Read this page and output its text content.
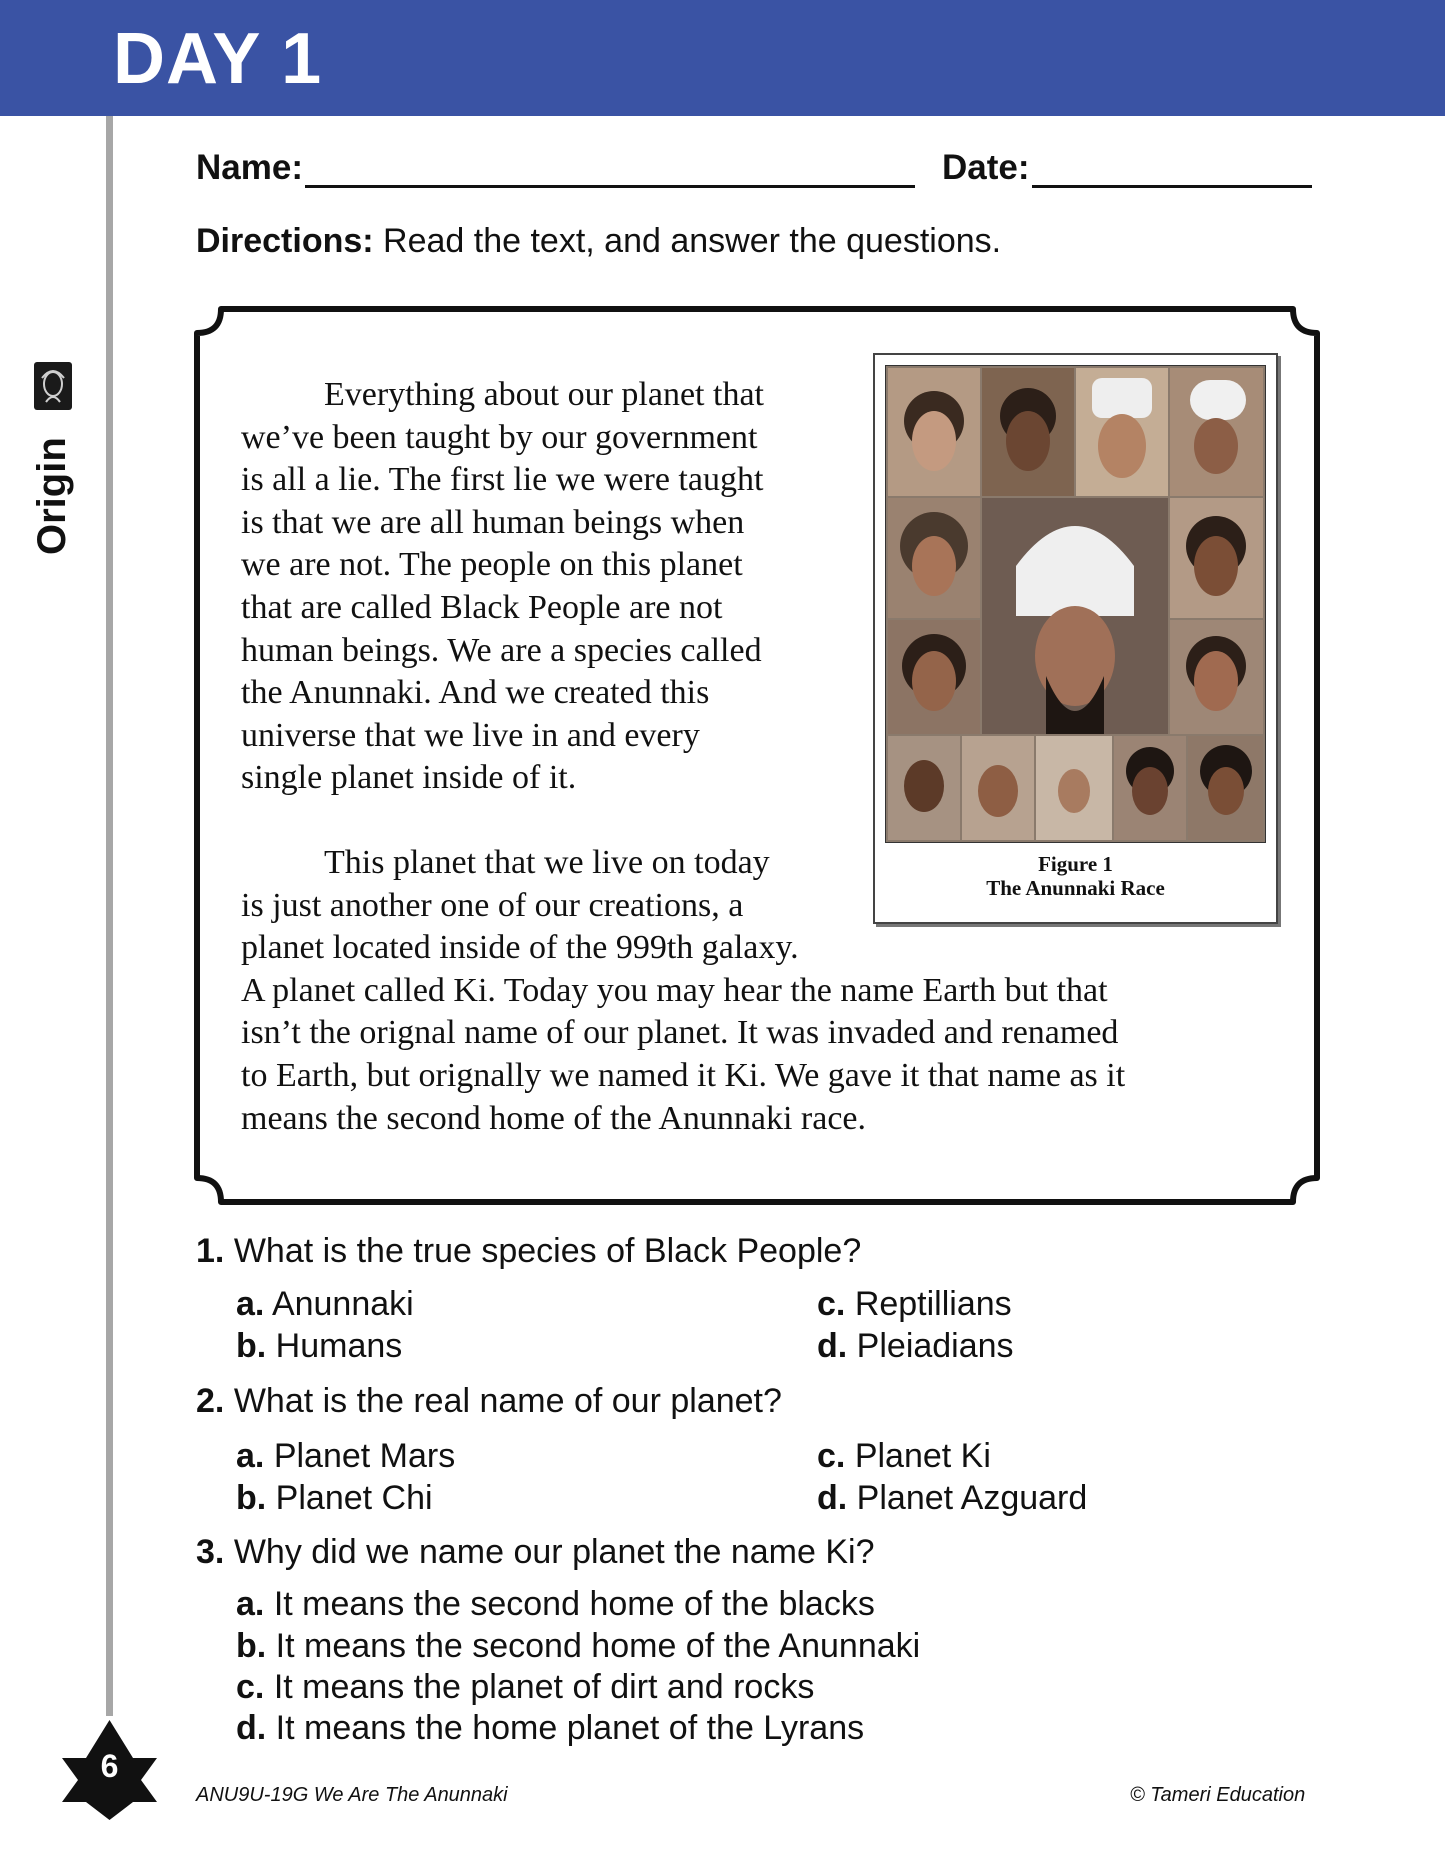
DAY 1
Origin
Name:	Date:
Directions: Read the text, and answer the questions.

Everything about our planet that

we’ve been taught by our government

is all a lie. The first lie we were taught

is that we are all human beings when

we are not. The people on this planet

that are called Black People are not

human beings. We are a species called

the Anunnaki. And we created this

universe that we live in and every

single planet inside of it.

This planet that we live on today

is just another one of our creations, a

planet located inside of the 999th galaxy.

A planet called Ki. Today you may hear the name Earth but that

isn’t the orignal name of our planet. It was invaded and renamed

to Earth, but orignally we named it Ki. We gave it that name as it

means the second home of the Anunnaki race.

Figure 1
The Anunnaki Race
1. What is the true species of Black People?
a. Anunnaki
b. Humans
c. Reptillians
d. Pleiadians
2. What is the real name of our planet?
a. Planet Mars
b. Planet Chi
c. Planet Ki
d. Planet Azguard
3. Why did we name our planet the name Ki?
a. It means the second home of the blacks
b. It means the second home of the Anunnaki
c. It means the planet of dirt and rocks
d. It means the home planet of the Lyrans
6
ANU9U-19G We Are The Anunnaki	© Tameri Education
